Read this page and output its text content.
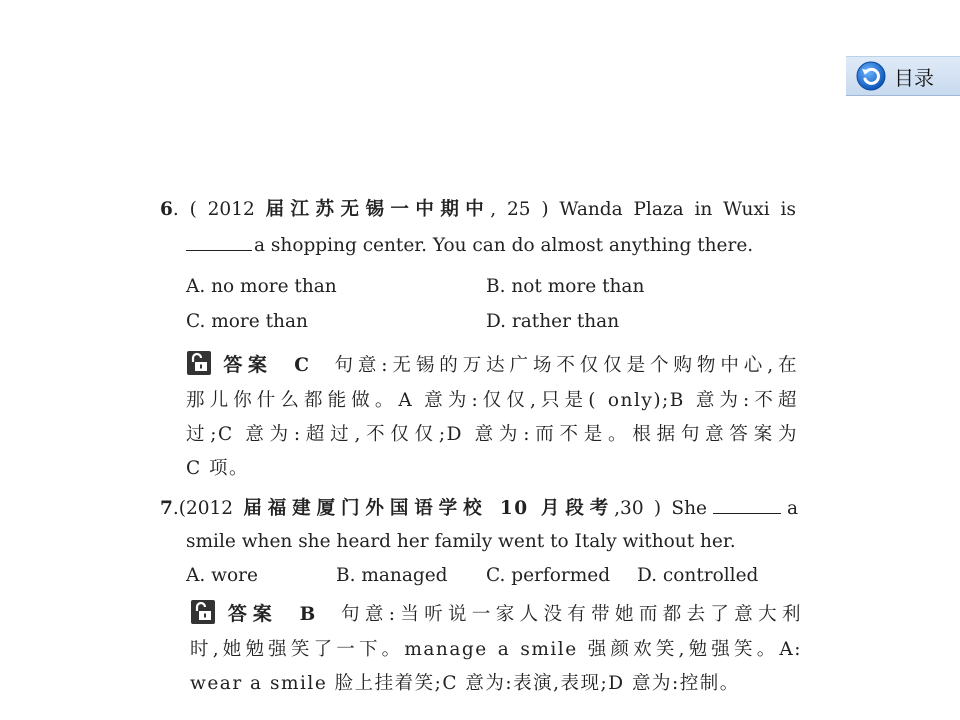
目录
6. ( 2012 届江苏无锡一中期中, 25 ) Wanda Plaza in Wuxi is
a shopping center. You can do almost anything there.
A. no more than	B. not more than
C. more than	D. rather than
答案 C 句意:无锡的万达广场不仅仅是个购物中心,在
那儿你什么都能做。A 意为:仅仅,只是( only);B 意为:不超
过;C 意为:超过,不仅仅;D 意为:而不是。根据句意答案为
C 项。
7.(2012 届福建厦门外国语学校 10 月段考,30 ) She	a
smile when she heard her family went to Italy without her.
A. wore	B. managed C. performed D. controlled
答案 B 句意:当听说一家人没有带她而都去了意大利
时,她勉强笑了一下。manage a smile 强颜欢笑,勉强笑。A:
wear a smile 脸上挂着笑;C 意为:表演,表现;D 意为:控制。
